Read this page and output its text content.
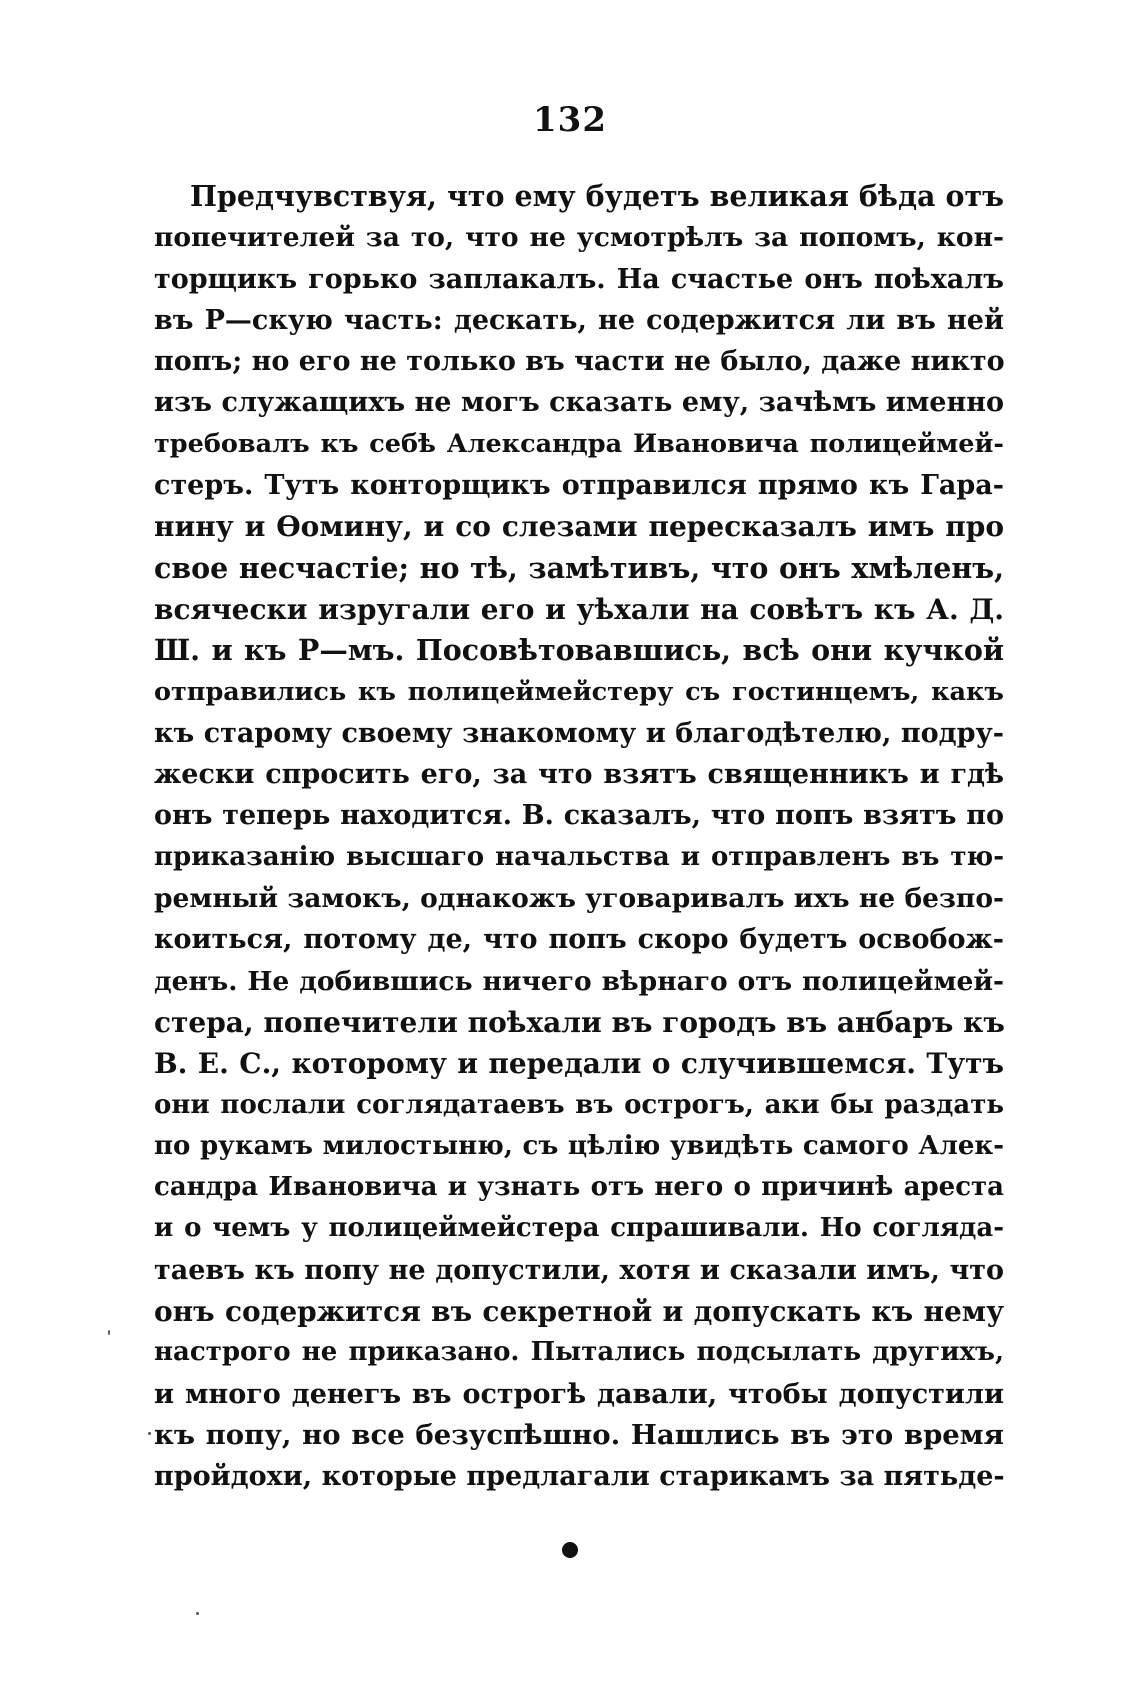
132
Предчувствуя, что ему будетъ великая бѣда отъ
попечителей за то, что не усмотрѣлъ за попомъ, кон-
торщикъ горько заплакалъ. На счастье онъ поѣхалъ
въ Р—скую часть: дескать, не содержится ли въ ней
попъ; но его не только въ части не было, даже никто
изъ служащихъ не могъ сказать ему, зачѣмъ именно
требовалъ къ себѣ Александра Ивановича полицеймей-
стеръ. Тутъ конторщикъ отправился прямо къ Гара-
нину и Ѳомину, и со слезами пересказалъ имъ про
свое несчастіе; но тѣ, замѣтивъ, что онъ хмѣленъ,
всячески изругали его и уѣхали на совѣтъ къ А. Д.
Ш. и къ Р—мъ. Посовѣтовавшись, всѣ они кучкой
отправились къ полицеймейстеру съ гостинцемъ, какъ
къ старому своему знакомому и благодѣтелю, подру-
жески спросить его, за что взятъ священникъ и гдѣ
онъ теперь находится. В. сказалъ, что попъ взятъ по
приказанію высшаго начальства и отправленъ въ тю-
ремный замокъ, однакожъ уговаривалъ ихъ не безпо-
коиться, потому де, что попъ скоро будетъ освобож-
денъ. Не добившись ничего вѣрнаго отъ полицеймей-
стера, попечители поѣхали въ городъ въ анбаръ къ
В. Е. С., которому и передали о случившемся. Тутъ
они послали соглядатаевъ въ острогъ, аки бы раздать
по рукамъ милостыню, съ цѣлію увидѣть самого Алек-
сандра Ивановича и узнать отъ него о причинѣ ареста
и о чемъ у полицеймейстера спрашивали. Но соглядa-
таевъ къ попу не допустили, хотя и сказали имъ, что
онъ содержится въ секретной и допускать къ нему
настрого не приказано. Пытались подсылать другихъ,
и много денегъ въ острогѣ давали, чтобы допустили
къ попу, но все безуспѣшно. Нашлись въ это время
пройдохи, которые предлагали старикамъ за пятьде-
